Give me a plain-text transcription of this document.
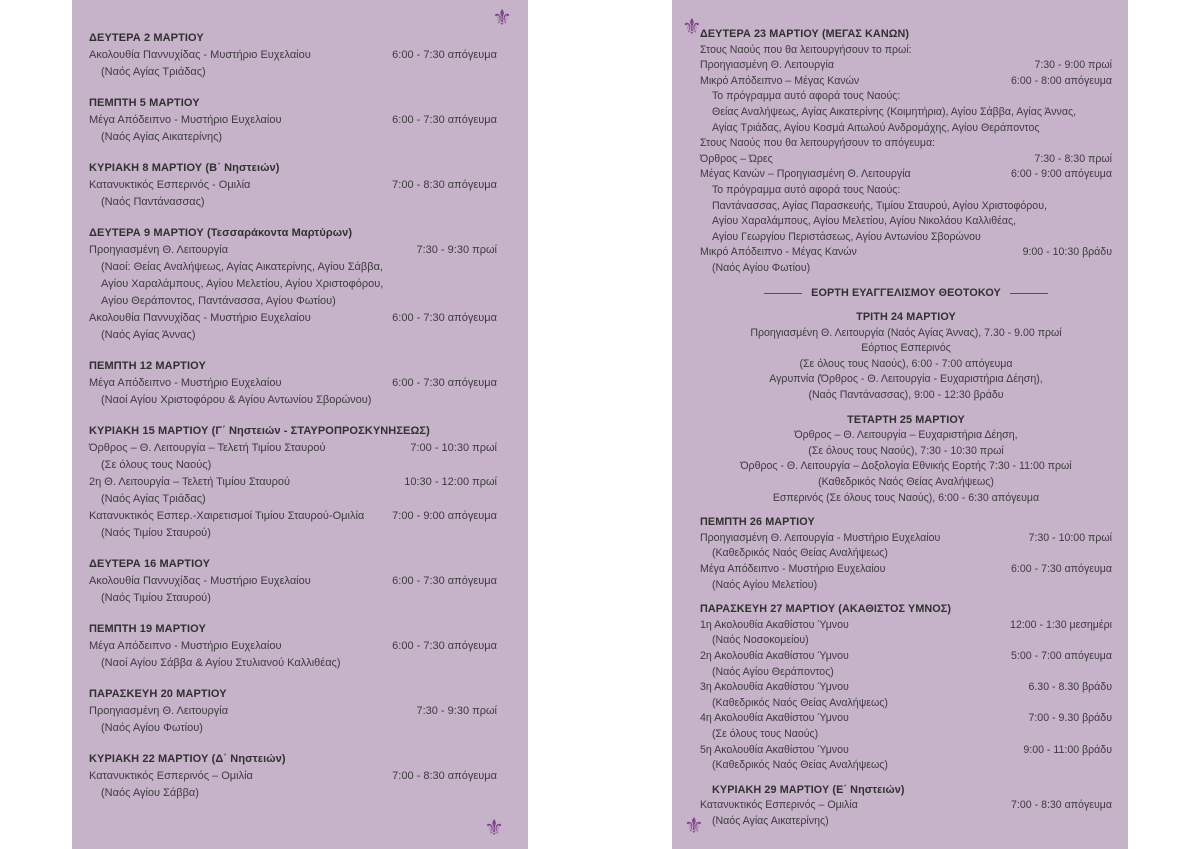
⚜
⚜
ΔΕΥΤΕΡΑ 2 ΜΑΡΤΙΟΥ
Ακολουθία Παννυχίδας - Μυστήριο Ευχελαίου	6:00 - 7:30 απόγευμα
(Ναός Αγίας Τριάδας)
ΠΕΜΠΤΗ 5 ΜΑΡΤΙΟΥ
Μέγα Απόδειπνο - Μυστήριο Ευχελαίου	6:00 - 7:30 απόγευμα
(Ναός Αγίας Αικατερίνης)
ΚΥΡΙΑΚΗ 8 ΜΑΡΤΙΟΥ (Β΄ Νηστειών)
Κατανυκτικός Εσπερινός - Ομιλία	7:00 - 8:30 απόγευμα
(Ναός Παντάνασσας)
ΔΕΥΤΕΡΑ 9 ΜΑΡΤΙΟΥ (Τεσσαράκοντα Μαρτύρων)
Προηγιασμένη Θ. Λειτουργία	7:30 - 9:30 πρωί
(Ναοί: Θείας Αναλήψεως, Αγίας Αικατερίνης, Αγίου Σάββα,
Αγίου Χαραλάμπους, Αγίου Μελετίου, Αγίου Χριστοφόρου,
Αγίου Θεράποντος, Παντάνασσα, Αγίου Φωτίου)
Ακολουθία Παννυχίδας - Μυστήριο Ευχελαίου	6:00 - 7:30 απόγευμα
(Ναός Αγίας Άννας)
ΠΕΜΠΤΗ 12 ΜΑΡΤΙΟΥ
Μέγα Απόδειπνο - Μυστήριο Ευχελαίου	6:00 - 7:30 απόγευμα
(Ναοί Αγίου Χριστοφόρου & Αγίου Αντωνίου Σβορώνου)
ΚΥΡΙΑΚΗ 15 ΜΑΡΤΙΟΥ (Γ΄ Νηστειών - ΣΤΑΥΡΟΠΡΟΣΚΥΝΗΣΕΩΣ)
Όρθρος – Θ. Λειτουργία – Τελετή Τιμίου Σταυρού	7:00 - 10:30 πρωί
(Σε όλους τους Ναούς)
2η Θ. Λειτουργία – Τελετή Τιμίου Σταυρού	10:30 - 12:00 πρωί
(Ναός Αγίας Τριάδας)
Κατανυκτικός Εσπερ.-Χαιρετισμοί Τιμίου Σταυρού-Ομιλία	7:00 - 9:00 απόγευμα
(Ναός Τιμίου Σταυρού)
ΔΕΥΤΕΡΑ 16 ΜΑΡΤΙΟΥ
Ακολουθία Παννυχίδας - Μυστήριο Ευχελαίου	6:00 - 7:30 απόγευμα
(Ναός Τιμίου Σταυρού)
ΠΕΜΠΤΗ 19 ΜΑΡΤΙΟΥ
Μέγα Απόδειπνο - Μυστήριο Ευχελαίου	6:00 - 7:30 απόγευμα
(Ναοί Αγίου Σάββα & Αγίου Στυλιανού Καλλιθέας)
ΠΑΡΑΣΚΕΥΗ 20 ΜΑΡΤΙΟΥ
Προηγιασμένη Θ. Λειτουργία	7:30 - 9:30 πρωί
(Ναός Αγίου Φωτίου)
ΚΥΡΙΑΚΗ 22 ΜΑΡΤΙΟΥ (Δ΄ Νηστειών)
Κατανυκτικός Εσπερινός – Ομιλία	7:00 - 8:30 απόγευμα
(Ναός Αγίου Σάββα)
⚜
⚜
ΔΕΥΤΕΡΑ 23 ΜΑΡΤΙΟΥ (ΜΕΓΑΣ ΚΑΝΩΝ)
Στους Ναούς που θα λειτουργήσουν το πρωί:
Προηγιασμένη Θ. Λειτουργία	7:30 - 9:00 πρωί
Μικρό Απόδειπνο – Μέγας Κανών	6:00 - 8:00 απόγευμα
Το πρόγραμμα αυτό αφορά τους Ναούς:
Θείας Αναλήψεως, Αγίας Αικατερίνης (Κοιμητήρια), Αγίου Σάββα, Αγίας Άννας,
Αγίας Τριάδας, Αγίου Κοσμά Αιτωλού Ανδρομάχης, Αγίου Θεράποντος
Στους Ναούς που θα λειτουργήσουν το απόγευμα:
Όρθρος – Ώρες	7:30 - 8:30 πρωί
Μέγας Κανών – Προηγιασμένη Θ. Λειτουργία	6:00 - 9:00 απόγευμα
Το πρόγραμμα αυτό αφορά τους Ναούς:
Παντάνασσας, Αγίας Παρασκευής, Τιμίου Σταυρού, Αγίου Χριστοφόρου,
Αγίου Χαραλάμπους, Αγίου Μελετίου, Αγίου Νικολάου Καλλιθέας,
Αγίου Γεωργίου Περιστάσεως, Αγίου Αντωνίου Σβορώνου
Μικρό Απόδειπνο - Μέγας Κανών	9:00 - 10:30 βράδυ
(Ναός Αγίου Φωτίου)
ΕΟΡΤΗ ΕΥΑΓΓΕΛΙΣΜΟΥ ΘΕΟΤΟΚΟΥ
ΤΡΙΤΗ 24 ΜΑΡΤΙΟΥ
Προηγιασμένη Θ. Λειτουργία (Ναός Αγίας Άννας), 7.30 - 9.00 πρωί
Εόρτιος Εσπερινός
(Σε όλους τους Ναούς), 6:00 - 7:00 απόγευμα
Αγρυπνία (Όρθρος - Θ. Λειτουργία - Ευχαριστήρια Δέηση),
(Ναός Παντάνασσας), 9:00 - 12:30 βράδυ
ΤΕΤΑΡΤΗ 25 ΜΑΡΤΙΟΥ
Όρθρος – Θ. Λειτουργία – Ευχαριστήρια Δέηση,
(Σε όλους τους Ναούς), 7:30 - 10:30 πρωί
Όρθρος - Θ. Λειτουργία – Δοξολογία Εθνικής Εορτής 7:30 - 11:00 πρωί
(Καθεδρικός Ναός Θείας Αναλήψεως)
Εσπερινός (Σε όλους τους Ναούς), 6:00 - 6:30 απόγευμα
ΠΕΜΠΤΗ 26 ΜΑΡΤΙΟΥ
Προηγιασμένη Θ. Λειτουργία - Μυστήριο Ευχελαίου	7:30 - 10:00 πρωί
(Καθεδρικός Ναός Θείας Αναλήψεως)
Μέγα Απόδειπνο - Μυστήριο Ευχελαίου	6:00 - 7:30 απόγευμα
(Ναός Αγίου Μελετίου)
ΠΑΡΑΣΚΕΥΗ 27 ΜΑΡΤΙΟΥ (ΑΚΑΘΙΣΤΟΣ ΥΜΝΟΣ)
1η Ακολουθία Ακαθίστου Ύμνου	12:00 - 1:30 μεσημέρι
(Ναός Νοσοκομείου)
2η Ακολουθία Ακαθίστου Ύμνου	5:00 - 7:00 απόγευμα
(Ναός Αγίου Θεράποντος)
3η Ακολουθία Ακαθίστου Ύμνου	6.30 - 8.30 βράδυ
(Καθεδρικός Ναός Θείας Αναλήψεως)
4η Ακολουθία Ακαθίστου Ύμνου	7:00 - 9.30 βράδυ
(Σε όλους τους Ναούς)
5η Ακολουθία Ακαθίστου Ύμνου	9:00 - 11:00 βράδυ
(Καθεδρικός Ναός Θείας Αναλήψεως)
ΚΥΡΙΑΚΗ 29 ΜΑΡΤΙΟΥ (Ε΄ Νηστειών)
Κατανυκτικός Εσπερινός – Ομιλία	7:00 - 8:30 απόγευμα
(Ναός Αγίας Αικατερίνης)
